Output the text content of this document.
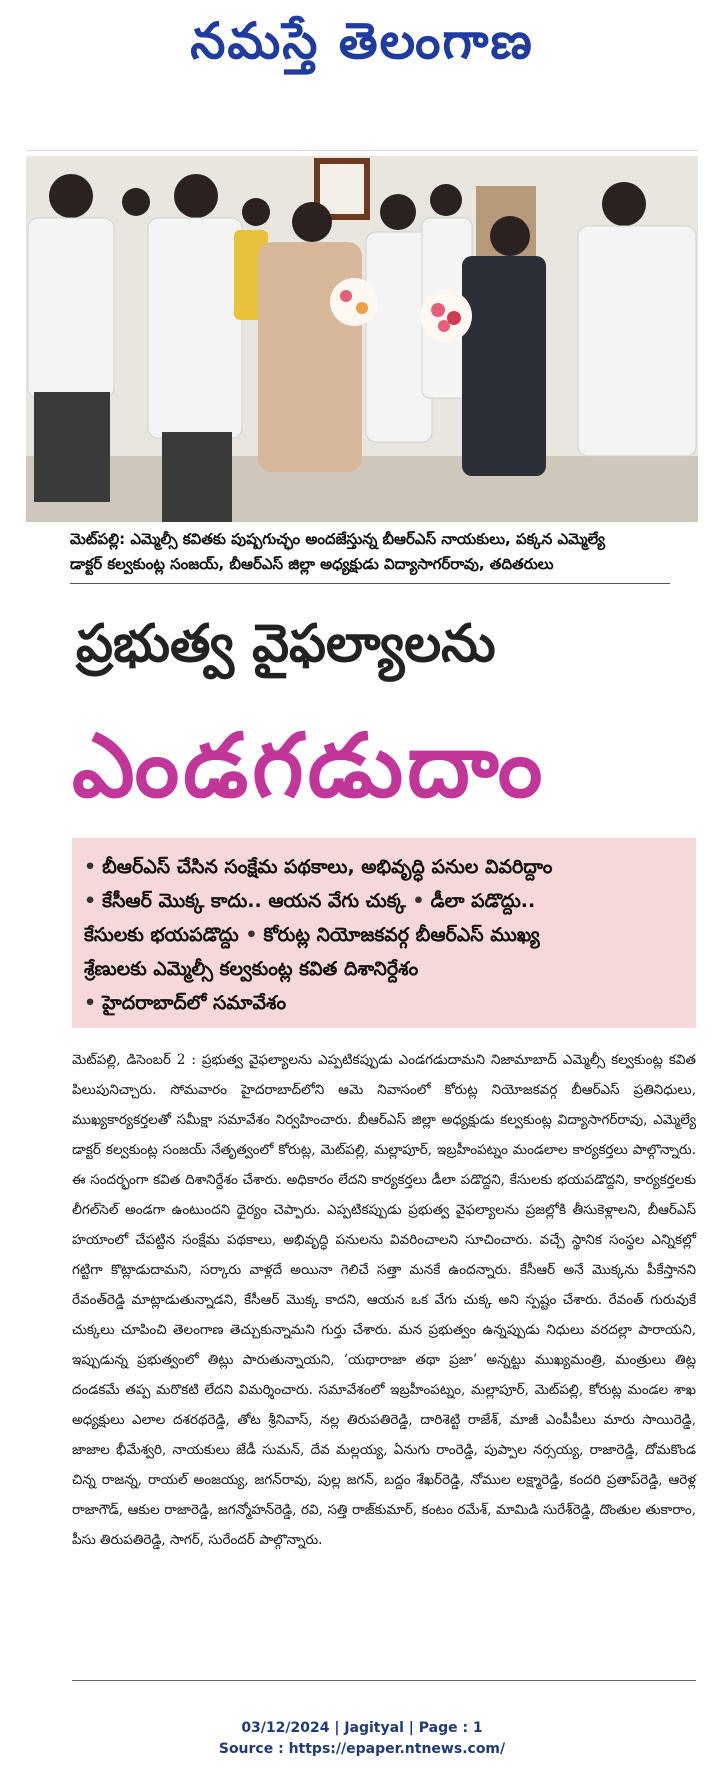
నమస్తే తెలంగాణ
మెట్‌పల్లి: ఎమ్మెల్సీ కవితకు పుష్పగుచ్ఛం అందజేస్తున్న బీఆర్‌ఎస్ నాయకులు, పక్కన ఎమ్మెల్యే
డాక్టర్ కల్వకుంట్ల సంజయ్, బీఆర్‌ఎస్ జిల్లా అధ్యక్షుడు విద్యాసాగర్‌రావు, తదితరులు
ప్రభుత్వ వైఫల్యాలను
ఎండగడుదాం
• బీఆర్‌ఎస్ చేసిన సంక్షేమ పథకాలు, అభివృద్ధి పనుల వివరిద్దాం
• కేసీఆర్ మొక్క కాదు.. ఆయన వేగు చుక్క • డీలా పడొద్దు..
కేసులకు భయపడొద్దు • కోరుట్ల నియోజకవర్గ బీఆర్‌ఎస్ ముఖ్య
శ్రేణులకు ఎమ్మెల్సీ కల్వకుంట్ల కవిత దిశానిర్దేశం
• హైదరాబాద్‌లో సమావేశం
మెట్‌పల్లి, డిసెంబర్ 2 : ప్రభుత్వ వైఫల్యాలను ఎప్పటికప్పుడు ఎండగడుదామని నిజామాబాద్ ఎమ్మెల్సీ కల్వకుంట్ల కవిత పిలుపునిచ్చారు. సోమవారం హైదరాబాద్‌లోని ఆమె నివాసంలో కోరుట్ల నియోజకవర్గ బీఆర్‌ఎస్ ప్రతినిధులు, ముఖ్యకార్యకర్తలతో సమీక్షా సమావేశం నిర్వహించారు. బీఆర్‌ఎస్ జిల్లా అధ్యక్షుడు కల్వకుంట్ల విద్యాసాగర్‌రావు, ఎమ్మెల్యే డాక్టర్ కల్వకుంట్ల సంజయ్ నేతృత్వంలో కోరుట్ల, మెట్‌పల్లి, మల్లాపూర్, ఇబ్రహీంపట్నం మండలాల కార్యకర్తలు పాల్గొన్నారు. ఈ సందర్భంగా కవిత దిశానిర్దేశం చేశారు. అధికారం లేదని కార్యకర్తలు డీలా పడొద్దని, కేసులకు భయపడొద్దని, కార్యకర్తలకు లీగల్‌సెల్ అండగా ఉంటుందని ధైర్యం చెప్పారు. ఎప్పటికప్పుడు ప్రభుత్వ వైఫల్యాలను ప్రజల్లోకి తీసుకెళ్లాలని, బీఆర్‌ఎస్ హయాంలో చేపట్టిన సంక్షేమ పథకాలు, అభివృద్ధి పనులను వివరించాలని సూచించారు. వచ్చే స్థానిక సంస్థల ఎన్నికల్లో గట్టిగా కొట్లాడుదామని, సర్కారు వాళ్లదే అయినా గెలిచే సత్తా మనకే ఉందన్నారు. కేసీఆర్ అనే మొక్కను పీకేస్తానని రేవంత్‌రెడ్డి మాట్లాడుతున్నాడని, కేసీఆర్ మొక్క కాదని, ఆయన ఒక వేగు చుక్క అని స్పష్టం చేశారు. రేవంత్ గురువుకే చుక్కలు చూపించి తెలంగాణ తెచ్చుకున్నామని గుర్తు చేశారు. మన ప్రభుత్వం ఉన్నప్పుడు నిధులు వరదల్లా పారాయని, ఇప్పుడున్న ప్రభుత్వంలో తిట్లు పారుతున్నాయని, ‘యథారాజా తథా ప్రజా’ అన్నట్టు ముఖ్యమంత్రి, మంత్రులు తిట్ల దండకమే తప్ప మరొకటి లేదని విమర్శించారు. సమావేశంలో ఇబ్రహీంపట్నం, మల్లాపూర్, మెట్‌పల్లి, కోరుట్ల మండల శాఖ అధ్యక్షులు ఎలాల దశరథరెడ్డి, తోట శ్రీనివాస్, నల్ల తిరుపతిరెడ్డి, దారిశెట్టి రాజేశ్, మాజీ ఎంపీపీలు మారు సాయిరెడ్డి, జాజాల భీమేశ్వరి, నాయకులు జేడీ సుమన్, దేవ మల్లయ్య, ఏనుగు రాంరెడ్డి, పుప్పాల నర్సయ్య, రాజారెడ్డి, దోమకొండ చిన్న రాజన్న, రాయల్ అంజయ్య, జగన్‌రావు, పుల్ల జగన్, బద్దం శేఖర్‌రెడ్డి, నోముల లక్ష్మారెడ్డి, కందరి ప్రతాప్‌రెడ్డి, ఆరెళ్ల రాజాగౌడ్, ఆకుల రాజారెడ్డి, జగన్మోహన్‌రెడ్డి, రవి, సత్తి రాజ్‌కుమార్, కంటం రమేశ్, మామిడి సురేశ్‌రెడ్డి, దొంతుల తుకారాం, పీసు తిరుపతిరెడ్డి, సాగర్, సురేందర్ పాల్గొన్నారు.
03/12/2024 | Jagityal | Page : 1
Source : https://epaper.ntnews.com/
